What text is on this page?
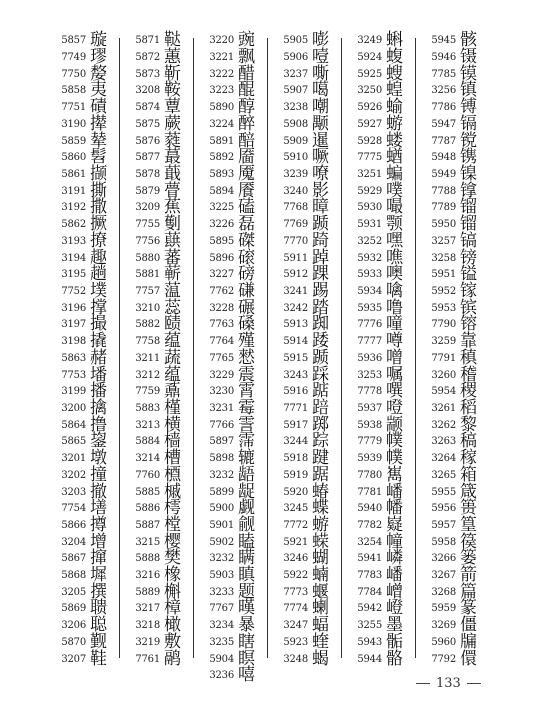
5857 璇
7749 璆
7750 嫠
5858 夷
7751 磧
3190 撵
5859 辇
5860 髫
5861 撷
3191 撕
3192 撒
5862 撅
3193 撩
3194 趣
3195 趟
7752 墣
3196 撑
3197 撮
3198 撬
5863 赭
7753 墦
3199 播
3200 擒
5864 撸
5865 鋆
3201 墩
3202 撞
3203 撤
7754 墡
5866 撙
3204 增
5867 撺
5868 墀
3205 撰
5869 聩
3206 聪
5870 觐
3207 鞋
5871 鞑
5872 蕙
5873 靳
3208 鞍
5874 蕈
5875 蕨
5876 蕤
5877 蕞
5878 蕺
5879 瞢
3209 蕉
7755 劐
7756 蕻
5880 蕃
5881 蕲
7757 蕰
3210 蕊
5882 赜
7758 蕴
3211 蔬
3212 蕴
7759 鼒
5883 槿
3213 横
5884 樯
3214 槽
7760 槱
5885 槭
5886 樗
5887 樘
3215 樱
5888 樊
3216 橡
5889 槲
3217 樟
3218 橄
3219 敷
7761 鹝
3220 豌
3221 飘
3222 醋
3223 醌
5890 醇
3224 醉
5891 醅
5892 靥
5893 魇
5894 餍
3225 磕
3226 磊
5895 磔
5896 磙
3227 磅
7762 磏
3228 碾
7763 磉
7764 殣
7765 憖
3229 震
3230 霄
3231 霉
7766 霅
5897 霈
5898 辘
3232 龉
5899 龊
5900 觑
5901 觎
5902 瞌
3232 瞒
5903 瞋
3233 题
7767 暵
3234 暴
3235 瞎
5904 瞑
3236 嘻
5905 嘭
5906 噎
3237 嘶
5907 噶
3238 嘲
5908 颙
5909 暹
5910 噘
3239 嘹
3240 影
7768 暲
7769 踬
7770 踦
5911 踔
5912 踝
3241 踢
3242 踏
5913 踟
5914 踒
5915 踬
3243 踩
5916 踮
7771 踣
5917 踯
3244 踪
5918 踺
5919 踞
5920 蝽
3245 蝶
7772 蝣
5921 蝾
3246 蝴
5922 蝻
7773 蝘
7774 蝲
3247 蝠
5923 蝰
3248 蝎
3249 蝌
5924 蝮
5925 螋
3250 蝗
5926 蝓
5927 蝣
5928 蝼
7775 蝤
3251 蝙
5929 噗
5930 嘬
5931 颚
3252 嘿
5932 噍
5933 噢
5934 噙
5935 噜
7776 噇
7777 噂
5936 噌
3253 嘱
7778 噀
5937 噔
5938 颛
7779 幞
5939 幞
7780 嶲
7781 嶓
5940 幡
7782 嶷
3254 幢
5941 嶙
7783 嶓
7784 嶒
5942 嶝
3255 墨
5943 骺
5944 骼
5945 骸
5946 镊
7785 镆
3256 镇
7786 镈
5947 镉
7787 镋
5948 镌
5949 镍
7788 镎
7789 镏
5950 镏
3257 镐
3258 镑
5951 镒
5952 镓
5953 镔
7790 镕
3259 靠
7791 稹
3260 稽
5954 稷
3261 稻
3262 黎
3263 稿
3264 稼
3265 箱
5955 箴
5956 篑
5957 篁
5958 篌
3266 篓
3267 箭
3268 篇
5959 篆
3269 僵
5960 牖
7792 儇
133
